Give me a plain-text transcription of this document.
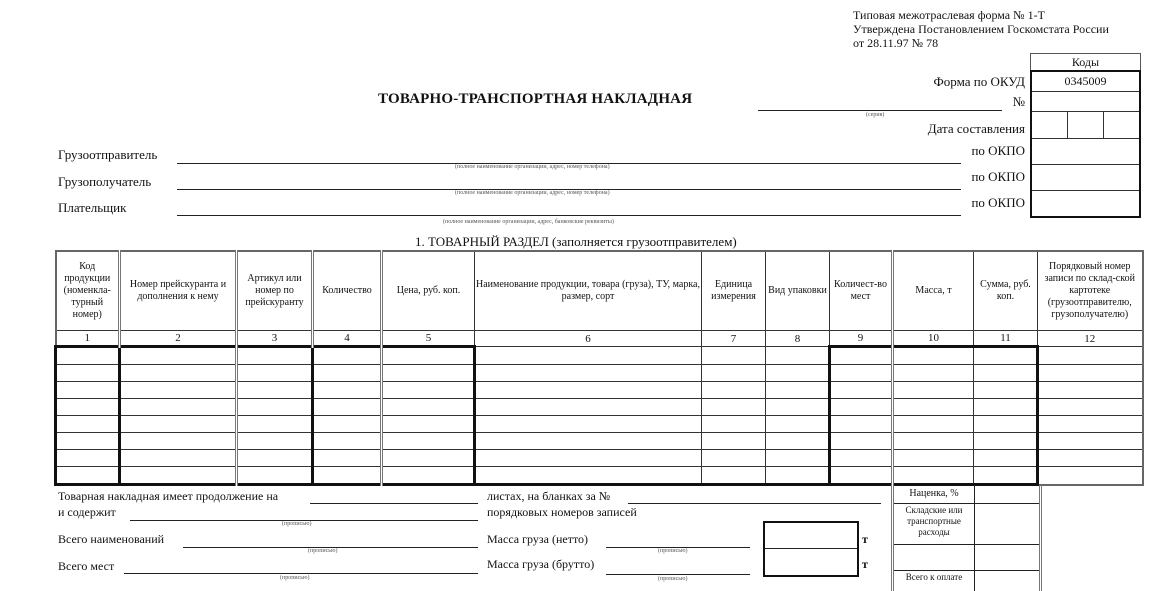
Типовая межотраслевая форма № 1-Т
Утверждена Постановлением Госкомстата России
от 28.11.97 № 78
Коды
0345009
Форма по ОКУД
№
Дата составления
ТОВАРНО-ТРАНСПОРТНАЯ НАКЛАДНАЯ
(серия)
Грузоотправитель
(полное наименование организации, адрес, номер телефона)
по ОКПО
Грузополучатель
(полное наименование организации, адрес, номер телефона)
по ОКПО
Плательщик
(полное наименование организации, адрес, банковские реквизиты)
по ОКПО
1. ТОВАРНЫЙ РАЗДЕЛ (заполняется грузоотправителем)
Код продукции (номенкла-турный номер)	Номер прейскуранта и дополнения к нему	Артикул или номер по прейскуранту	Количество	Цена, руб. коп.	Наименование продукции, товара (груза), ТУ, марка, размер, сорт	Единица измерения	Вид упаковки	Количест-во мест	Масса, т	Сумма, руб. коп.	Порядковый номер записи по склад-ской картотеке (грузоотправителю, грузополучателю)
1	2	3	4	5	6	7	8	9	10	11	12

Товарная накладная имеет продолжение на
и содержит
(прописью)
Всего наименований
(прописью)
Всего мест
(прописью)
листах, на бланках за №
порядковых номеров записей
Масса груза (нетто)
(прописью)
Масса груза (брутто)
(прописью)
т
т
Наценка, %
Складские или транспортные расходы
Всего к оплате
